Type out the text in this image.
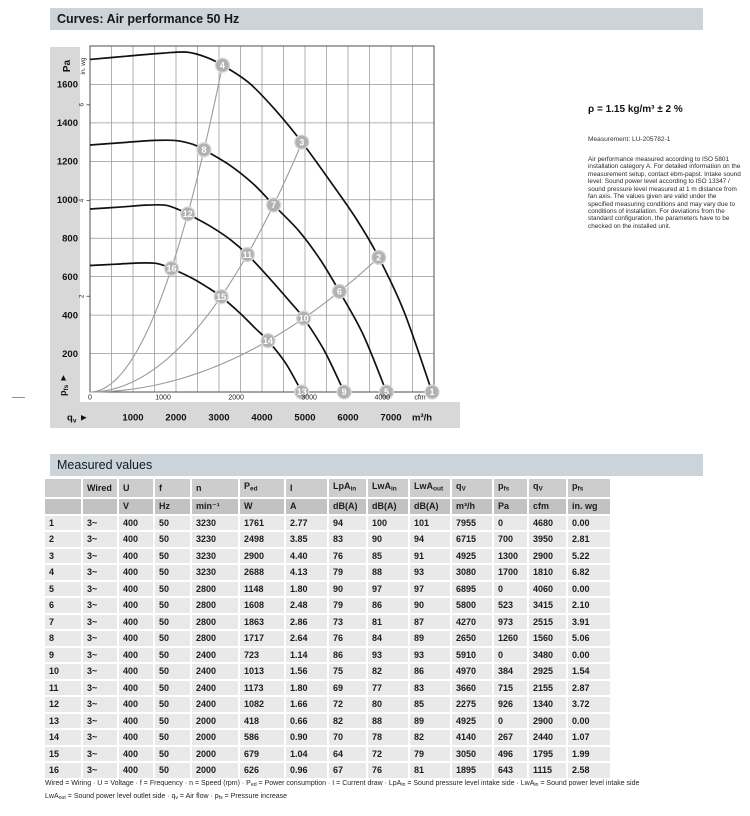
Curves: Air performance 50 Hz
6
4
2
in. wg
1
2
3
4
5
6
7
8
9
10
11
12
13
14
15
16
1600
1400
1200
1000
800
600
400
200
Pa
0	1000	2000	3000	4000	cfm
1000 2000 3000 4000 5000 6000 7000 m³/h
$q_v$ ►
$p_{fs}$ ►
ρ = 1.15 kg/m³ ± 2 %
Measurement: LU-205782-1
Air performance measured according to ISO 5801 installation category A. For detailed information on the measurement setup, contact ebm-papst. Intake sound level: Sound power level according to ISO 13347 / sound pressure level measured at 1 m distance from fan axis. The values given are valid under the specified measuring conditions and may vary due to conditions of installation. For deviations from the standard configuration, the parameters have to be checked on the installed unit.
Measured values
	Wired	U	f	n	$P_{ed}$	I	LpA$_{in}$	LwA$_{in}$	LwA$_{out}$	$q_V$	$p_{fs}$	$q_V$	$p_{fs}$
		V	Hz	min⁻¹	W	A	dB(A)	dB(A)	dB(A)	m³/h	Pa	cfm	in. wg
1	3~	400	50	3230	1761	2.77	94	100	101	7955	0	4680	0.00
2	3~	400	50	3230	2498	3.85	83	90	94	6715	700	3950	2.81
3	3~	400	50	3230	2900	4.40	76	85	91	4925	1300	2900	5.22
4	3~	400	50	3230	2688	4.13	79	88	93	3080	1700	1810	6.82
5	3~	400	50	2800	1148	1.80	90	97	97	6895	0	4060	0.00
6	3~	400	50	2800	1608	2.48	79	86	90	5800	523	3415	2.10
7	3~	400	50	2800	1863	2.86	73	81	87	4270	973	2515	3.91
8	3~	400	50	2800	1717	2.64	76	84	89	2650	1260	1560	5.06
9	3~	400	50	2400	723	1.14	86	93	93	5910	0	3480	0.00
10	3~	400	50	2400	1013	1.56	75	82	86	4970	384	2925	1.54
11	3~	400	50	2400	1173	1.80	69	77	83	3660	715	2155	2.87
12	3~	400	50	2400	1082	1.66	72	80	85	2275	926	1340	3.72
13	3~	400	50	2000	418	0.66	82	88	89	4925	0	2900	0.00
14	3~	400	50	2000	586	0.90	70	78	82	4140	267	2440	1.07
15	3~	400	50	2000	679	1.04	64	72	79	3050	496	1795	1.99
16	3~	400	50	2000	626	0.96	67	76	81	1895	643	1115	2.58
Wired = Wiring · U = Voltage · f = Frequency · n = Speed $(rpm) \cdot P_{ed}$ = Power consumption · I = Current draw · LpA$_{in}$ = Sound pressure level intake side · LwA$_{in}$ = Sound power level intake side
LwA$_{out}$ = Sound power level outlet side · $q_v$ = Air flow · $p_{fs}$ = Pressure increase
